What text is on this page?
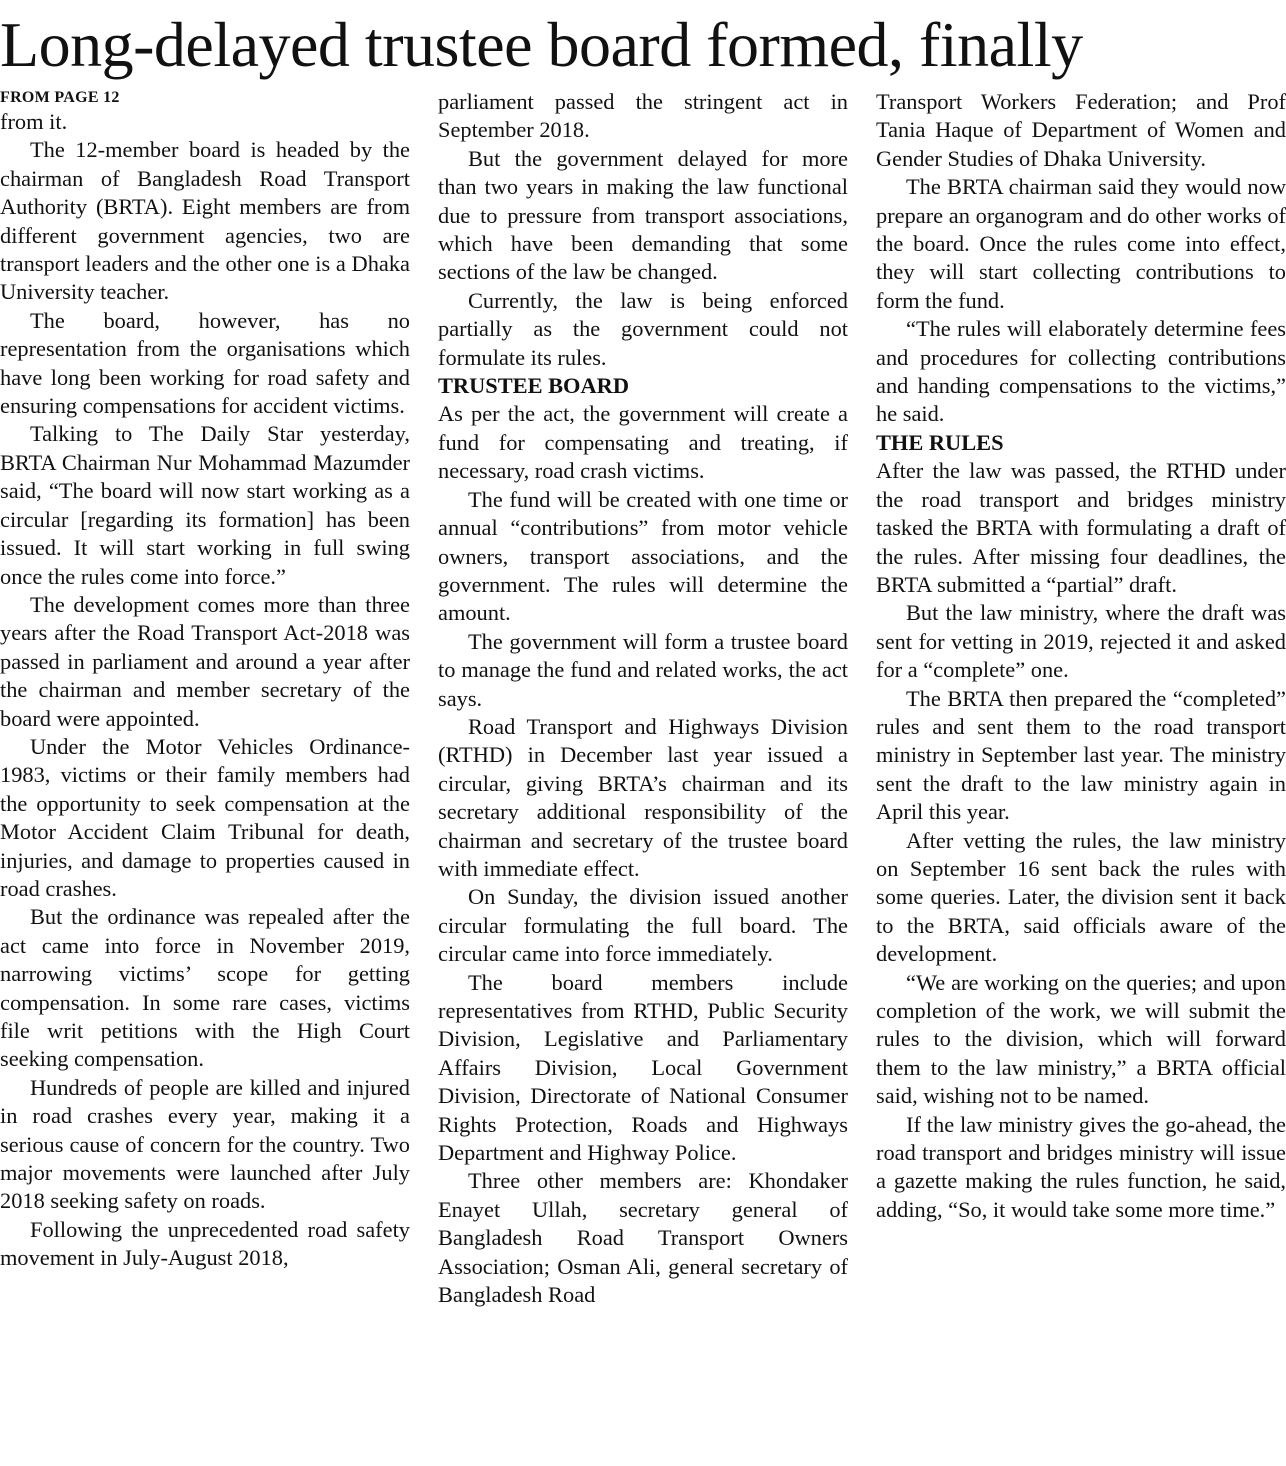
Long-delayed trustee board formed, finally
FROM PAGE 12

from it.

The 12-member board is headed by the chairman of Bangladesh Road Transport Authority (BRTA). Eight members are from different government agencies, two are transport leaders and the other one is a Dhaka University teacher.

The board, however, has no representation from the organisations which have long been working for road safety and ensuring compensations for accident victims.

Talking to The Daily Star yesterday, BRTA Chairman Nur Mohammad Mazumder said, “The board will now start working as a circular [regarding its formation] has been issued. It will start working in full swing once the rules come into force.”

The development comes more than three years after the Road Transport Act-2018 was passed in parliament and around a year after the chairman and member secretary of the board were appointed.

Under the Motor Vehicles Ordinance-1983, victims or their family members had the opportunity to seek compensation at the Motor Accident Claim Tribunal for death, injuries, and damage to properties caused in road crashes.

But the ordinance was repealed after the act came into force in November 2019, narrowing victims’ scope for getting compensation. In some rare cases, victims file writ petitions with the High Court seeking compensation.

Hundreds of people are killed and injured in road crashes every year, making it a serious cause of concern for the country. Two major movements were launched after July 2018 seeking safety on roads.

Following the unprecedented road safety movement in July-August 2018,

parliament passed the stringent act in September 2018.

But the government delayed for more than two years in making the law functional due to pressure from transport associations, which have been demanding that some sections of the law be changed.

Currently, the law is being enforced partially as the government could not formulate its rules.

TRUSTEE BOARD

As per the act, the government will create a fund for compensating and treating, if necessary, road crash victims.

The fund will be created with one time or annual “contributions” from motor vehicle owners, transport associations, and the government. The rules will determine the amount.

The government will form a trustee board to manage the fund and related works, the act says.

Road Transport and Highways Division (RTHD) in December last year issued a circular, giving BRTA’s chairman and its secretary additional responsibility of the chairman and secretary of the trustee board with immediate effect.

On Sunday, the division issued another circular formulating the full board. The circular came into force immediately.

The board members include representatives from RTHD, Public Security Division, Legislative and Parliamentary Affairs Division, Local Government Division, Directorate of National Consumer Rights Protection, Roads and Highways Department and Highway Police.

Three other members are: Khondaker Enayet Ullah, secretary general of Bangladesh Road Transport Owners Association; Osman Ali, general secretary of Bangladesh Road

Transport Workers Federation; and Prof Tania Haque of Department of Women and Gender Studies of Dhaka University.

The BRTA chairman said they would now prepare an organogram and do other works of the board. Once the rules come into effect, they will start collecting contributions to form the fund.

“The rules will elaborately determine fees and procedures for collecting contributions and handing compensations to the victims,” he said.

THE RULES

After the law was passed, the RTHD under the road transport and bridges ministry tasked the BRTA with formulating a draft of the rules. After missing four deadlines, the BRTA submitted a “partial” draft.

But the law ministry, where the draft was sent for vetting in 2019, rejected it and asked for a “complete” one.

The BRTA then prepared the “completed” rules and sent them to the road transport ministry in September last year. The ministry sent the draft to the law ministry again in April this year.

After vetting the rules, the law ministry on September 16 sent back the rules with some queries. Later, the division sent it back to the BRTA, said officials aware of the development.

“We are working on the queries; and upon completion of the work, we will submit the rules to the division, which will forward them to the law ministry,” a BRTA official said, wishing not to be named.

If the law ministry gives the go-ahead, the road transport and bridges ministry will issue a gazette making the rules function, he said, adding, “So, it would take some more time.”
